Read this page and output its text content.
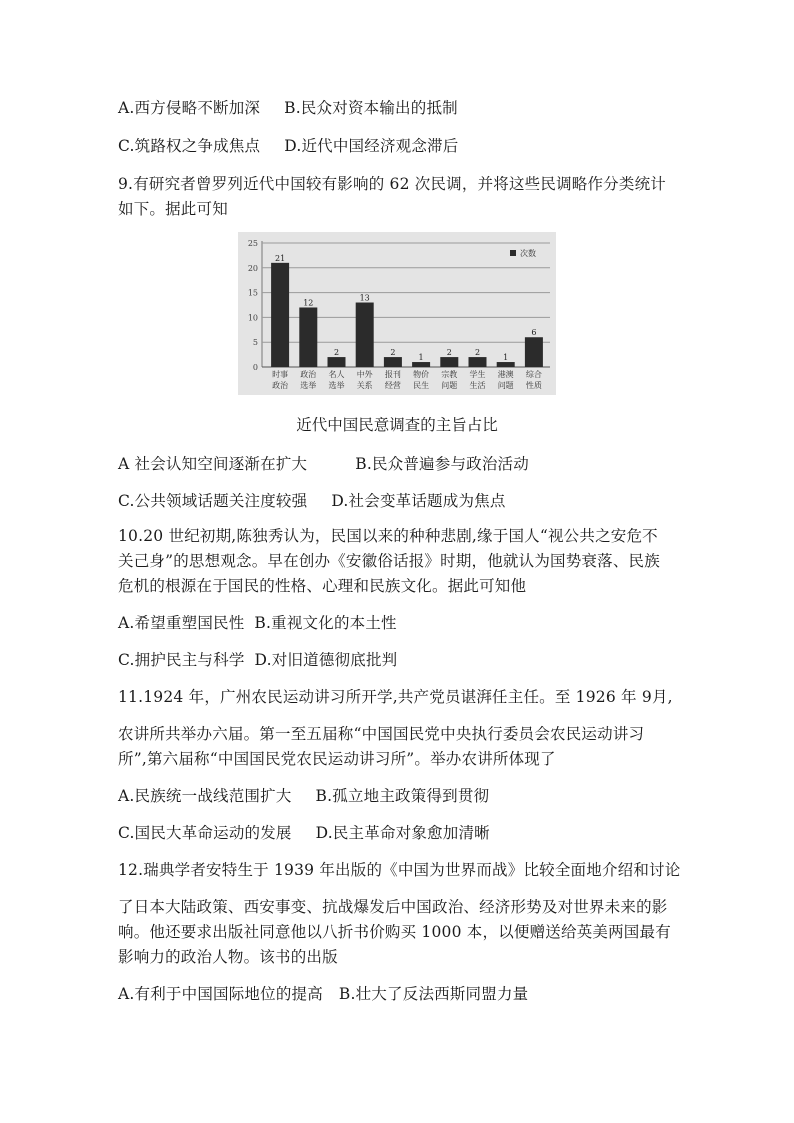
A.西方侵略不断加深 B.民众对资本输出的抵制
C.筑路权之争成焦点 D.近代中国经济观念滞后
9.有研究者曾罗列近代中国较有影响的 62 次民调，并将这些民调略作分类统计
如下。据此可知
0
5
10
15
20
25
21
时事
政治
12
政治
选举
2
名人
选举
13
中外
关系
2
报刊
经营
1
物价
民生
2
宗教
问题
2
学生
生活
1
港澳
问题
6
综合
性质
次数
近代中国民意调查的主旨占比
A 社会认知空间逐渐在扩大	B.民众普遍参与政治活动
C.公共领域话题关注度较强 D.社会变革话题成为焦点
10.20 世纪初期,陈独秀认为，民国以来的种种悲剧,缘于国人“视公共之安危不
关己身”的思想观念。早在创办《安徽俗话报》时期，他就认为国势衰落、民族
危机的根源在于国民的性格、心理和民族文化。据此可知他
A.希望重塑国民性 B.重视文化的本土性
C.拥护民主与科学 D.对旧道德彻底批判
11.1924 年，广州农民运动讲习所开学,共产党员谌湃任主任。至 1926 年 9月,
农讲所共举办六届。第一至五届称“中国国民党中央执行委员会农民运动讲习
所”,第六届称“中国国民党农民运动讲习所”。举办农讲所体现了
A.民族统一战线范围扩大 B.孤立地主政策得到贯彻
C.国民大革命运动的发展 D.民主革命对象愈加清晰
12.瑞典学者安特生于 1939 年出版的《中国为世界而战》比较全面地介绍和讨论
了日本大陆政策、西安事变、抗战爆发后中国政治、经济形势及对世界未来的影
响。他还要求出版社同意他以八折书价购买 1000 本，以便赠送给英美两国最有
影响力的政治人物。该书的出版
A.有利于中国国际地位的提高 B.壮大了反法西斯同盟力量
